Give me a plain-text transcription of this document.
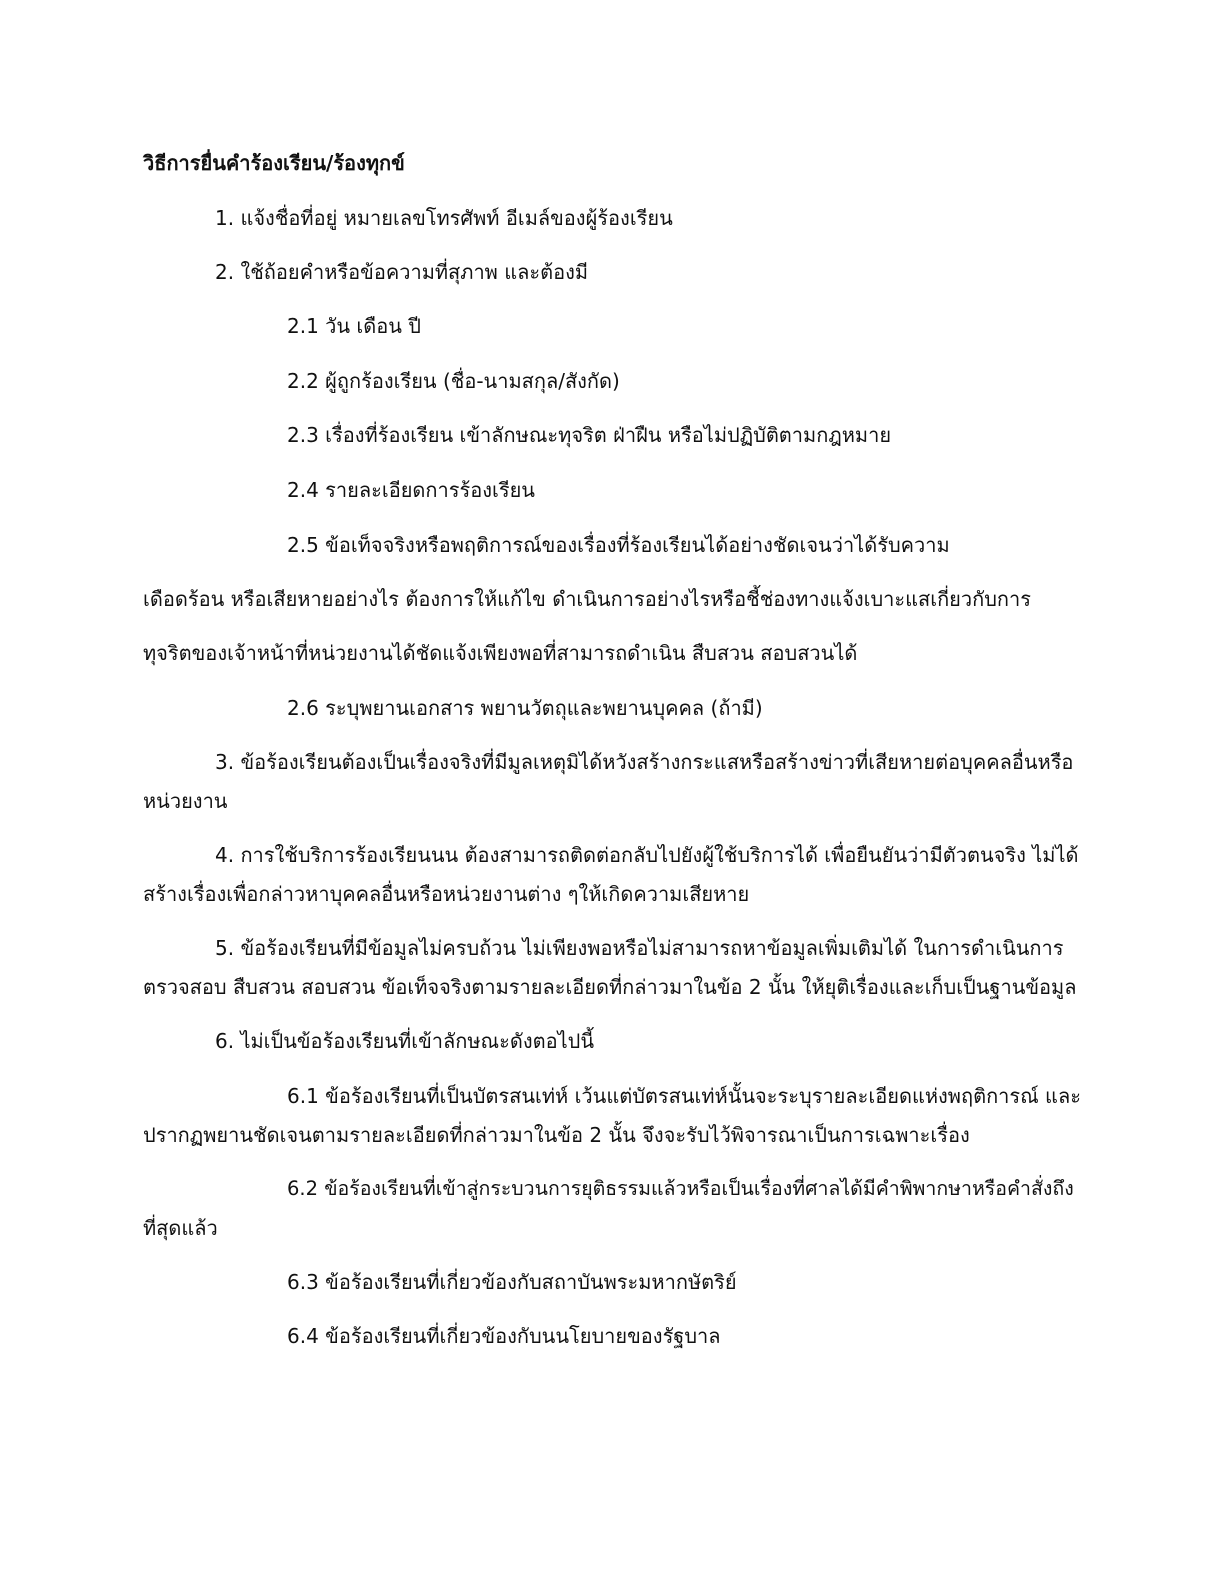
วิธีการยื่นคำร้องเรียน/ร้องทุกข์
1. แจ้งชื่อที่อยู่ หมายเลขโทรศัพท์ อีเมล์ของผู้ร้องเรียน
2. ใช้ถ้อยคำหรือข้อความที่สุภาพ และต้องมี
2.1 วัน เดือน ปี
2.2 ผู้ถูกร้องเรียน (ชื่อ-นามสกุล/สังกัด)
2.3 เรื่องที่ร้องเรียน เข้าลักษณะทุจริต ฝ่าฝืน หรือไม่ปฏิบัติตามกฎหมาย
2.4 รายละเอียดการร้องเรียน
2.5 ข้อเท็จจริงหรือพฤติการณ์ของเรื่องที่ร้องเรียนได้อย่างชัดเจนว่าได้รับความ
เดือดร้อน หรือเสียหายอย่างไร ต้องการให้แก้ไข ดำเนินการอย่างไรหรือชี้ช่องทางแจ้งเบาะแสเกี่ยวกับการ
ทุจริตของเจ้าหน้าที่หน่วยงานได้ชัดแจ้งเพียงพอที่สามารถดำเนิน สืบสวน สอบสวนได้
2.6 ระบุพยานเอกสาร พยานวัตถุและพยานบุคคล (ถ้ามี)
3. ข้อร้องเรียนต้องเป็นเรื่องจริงที่มีมูลเหตุมิได้หวังสร้างกระแสหรือสร้างข่าวที่เสียหายต่อบุคคลอื่นหรือ
หน่วยงาน
4. การใช้บริการร้องเรียนนน ต้องสามารถติดต่อกลับไปยังผู้ใช้บริการได้ เพื่อยืนยันว่ามีตัวตนจริง ไม่ได้
สร้างเรื่องเพื่อกล่าวหาบุคคลอื่นหรือหน่วยงานต่าง ๆให้เกิดความเสียหาย
5. ข้อร้องเรียนที่มีข้อมูลไม่ครบถ้วน ไม่เพียงพอหรือไม่สามารถหาข้อมูลเพิ่มเติมได้ ในการดำเนินการ
ตรวจสอบ สืบสวน สอบสวน ข้อเท็จจริงตามรายละเอียดที่กล่าวมาในข้อ 2 นั้น ให้ยุติเรื่องและเก็บเป็นฐานข้อมูล
6. ไม่เป็นข้อร้องเรียนที่เข้าลักษณะดังตอไปนี้
6.1 ข้อร้องเรียนที่เป็นบัตรสนเท่ห์ เว้นแต่บัตรสนเท่ห์นั้นจะระบุรายละเอียดแห่งพฤติการณ์ และ
ปรากฏพยานชัดเจนตามรายละเอียดที่กล่าวมาในข้อ 2 นั้น จึงจะรับไว้พิจารณาเป็นการเฉพาะเรื่อง
6.2 ข้อร้องเรียนที่เข้าสู่กระบวนการยุติธรรมแล้วหรือเป็นเรื่องที่ศาลได้มีคำพิพากษาหรือคำสั่งถึง
ที่สุดแล้ว
6.3 ข้อร้องเรียนที่เกี่ยวข้องกับสถาบันพระมหากษัตริย์
6.4 ข้อร้องเรียนที่เกี่ยวข้องกับนนโยบายของรัฐบาล
